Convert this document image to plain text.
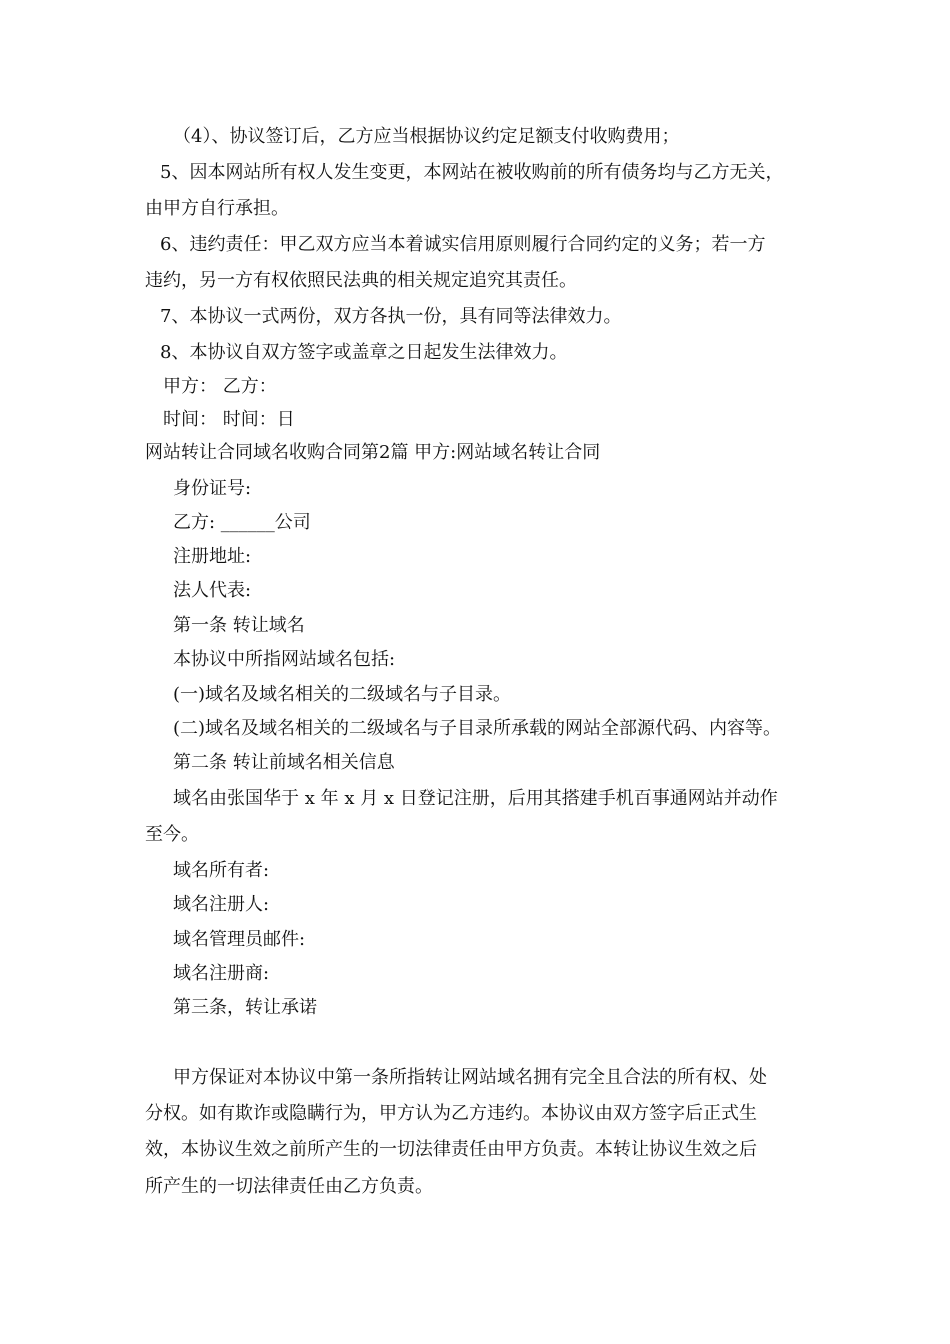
（4）、协议签订后，乙方应当根据协议约定足额支付收购费用；
5、因本网站所有权人发生变更，本网站在被收购前的所有债务均与乙方无关，
由甲方自行承担。
6、违约责任：甲乙双方应当本着诚实信用原则履行合同约定的义务；若一方
违约，另一方有权依照民法典的相关规定追究其责任。
7、本协议一式两份，双方各执一份，具有同等法律效力。
8、本协议自双方签字或盖章之日起发生法律效力。
甲方： 乙方：
时间： 时间：日
网站转让合同域名收购合同第2篇 甲方:网站域名转让合同
身份证号:
乙方: ______公司
注册地址:
法人代表:
第一条 转让域名
本协议中所指网站域名包括:
(一)域名及域名相关的二级域名与子目录。
(二)域名及域名相关的二级域名与子目录所承载的网站全部源代码、内容等。
第二条 转让前域名相关信息
域名由张国华于 x 年 x 月 x 日登记注册，后用其搭建手机百事通网站并动作
至今。
域名所有者:
域名注册人:
域名管理员邮件:
域名注册商:
第三条，转让承诺
甲方保证对本协议中第一条所指转让网站域名拥有完全且合法的所有权、处
分权。如有欺诈或隐瞒行为，甲方认为乙方违约。本协议由双方签字后正式生
效，本协议生效之前所产生的一切法律责任由甲方负责。本转让协议生效之后
所产生的一切法律责任由乙方负责。
